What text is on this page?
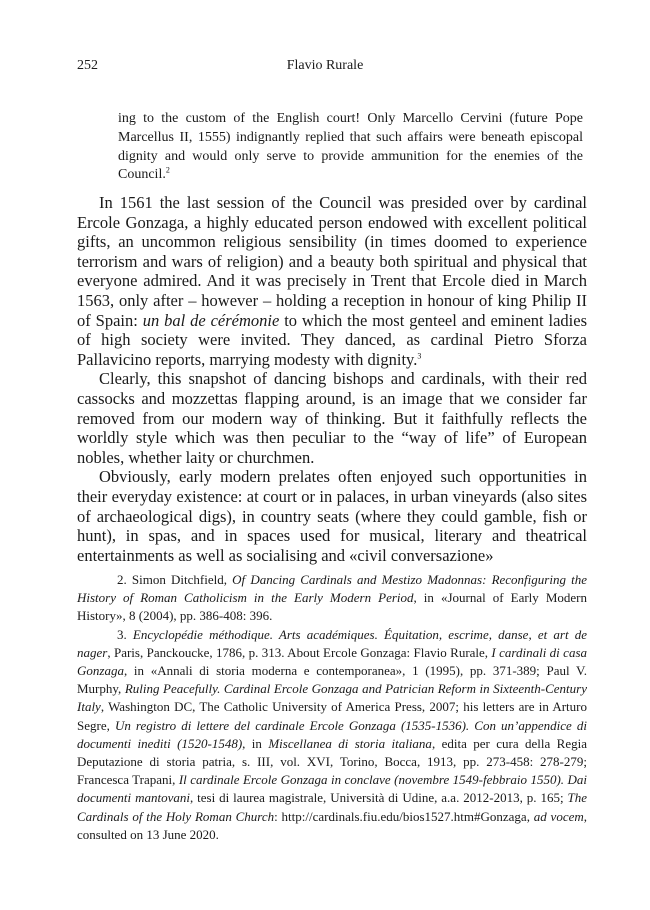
252	Flavio Rurale
ing to the custom of the English court! Only Marcello Cervini (future Pope Marcellus II, 1555) indignantly replied that such affairs were beneath episcopal dignity and would only serve to provide ammunition for the enemies of the Council.$^2$

In 1561 the last session of the Council was presided over by cardinal Ercole Gonzaga, a highly educated person endowed with excellent political gifts, an uncommon religious sensibility (in times doomed to experience terrorism and wars of religion) and a beauty both spiritual and physical that everyone admired. And it was precisely in Trent that Ercole died in March 1563, only after – however – holding a reception in honour of king Philip II of Spain: un bal de cérémonie to which the most genteel and eminent ladies of high society were invited. They danced, as cardinal Pietro Sforza Pallavicino reports, marrying modesty with dignity.$^3$

Clearly, this snapshot of dancing bishops and cardinals, with their red cassocks and mozzettas flapping around, is an image that we consider far removed from our modern way of thinking. But it faithfully reflects the worldly style which was then peculiar to the “way of life” of European nobles, whether laity or churchmen.

Obviously, early modern prelates often enjoyed such opportunities in their everyday existence: at court or in palaces, in urban vineyards (also sites of archaeological digs), in country seats (where they could gamble, fish or hunt), in spas, and in spaces used for musical, literary and theatrical entertainments as well as socialising and «civil conversazione»

2. Simon Ditchfield, Of Dancing Cardinals and Mestizo Madonnas: Reconfiguring the History of Roman Catholicism in the Early Modern Period, in «Journal of Early Modern History», 8 (2004), pp. 386-408: 396.

3. Encyclopédie méthodique. Arts académiques. Équitation, escrime, danse, et art de nager, Paris, Panckoucke, 1786, p. 313. About Ercole Gonzaga: Flavio Rurale, I cardinali di casa Gonzaga, in «Annali di storia moderna e contemporanea», 1 (1995), pp. 371-389; Paul V. Murphy, Ruling Peacefully. Cardinal Ercole Gonzaga and Patrician Reform in Sixteenth-Century Italy, Washington DC, The Catholic University of America Press, 2007; his letters are in Arturo Segre, Un registro di lettere del cardinale Ercole Gonzaga (1535-1536). Con un’appendice di documenti inediti (1520-1548), in Miscellanea di storia italiana, edita per cura della Regia Deputazione di storia patria, s. III, vol. XVI, Torino, Bocca, 1913, pp. 273-458: 278-279; Francesca Trapani, Il cardinale Ercole Gonzaga in conclave (novembre 1549-febbraio 1550). Dai documenti mantovani, tesi di laurea magistrale, Università di Udine, a.a. 2012-2013, p. 165; The Cardinals of the Holy Roman Church: http://cardinals.fiu.edu/bios1527.htm#Gonzaga, ad vocem, consulted on 13 June 2020.
